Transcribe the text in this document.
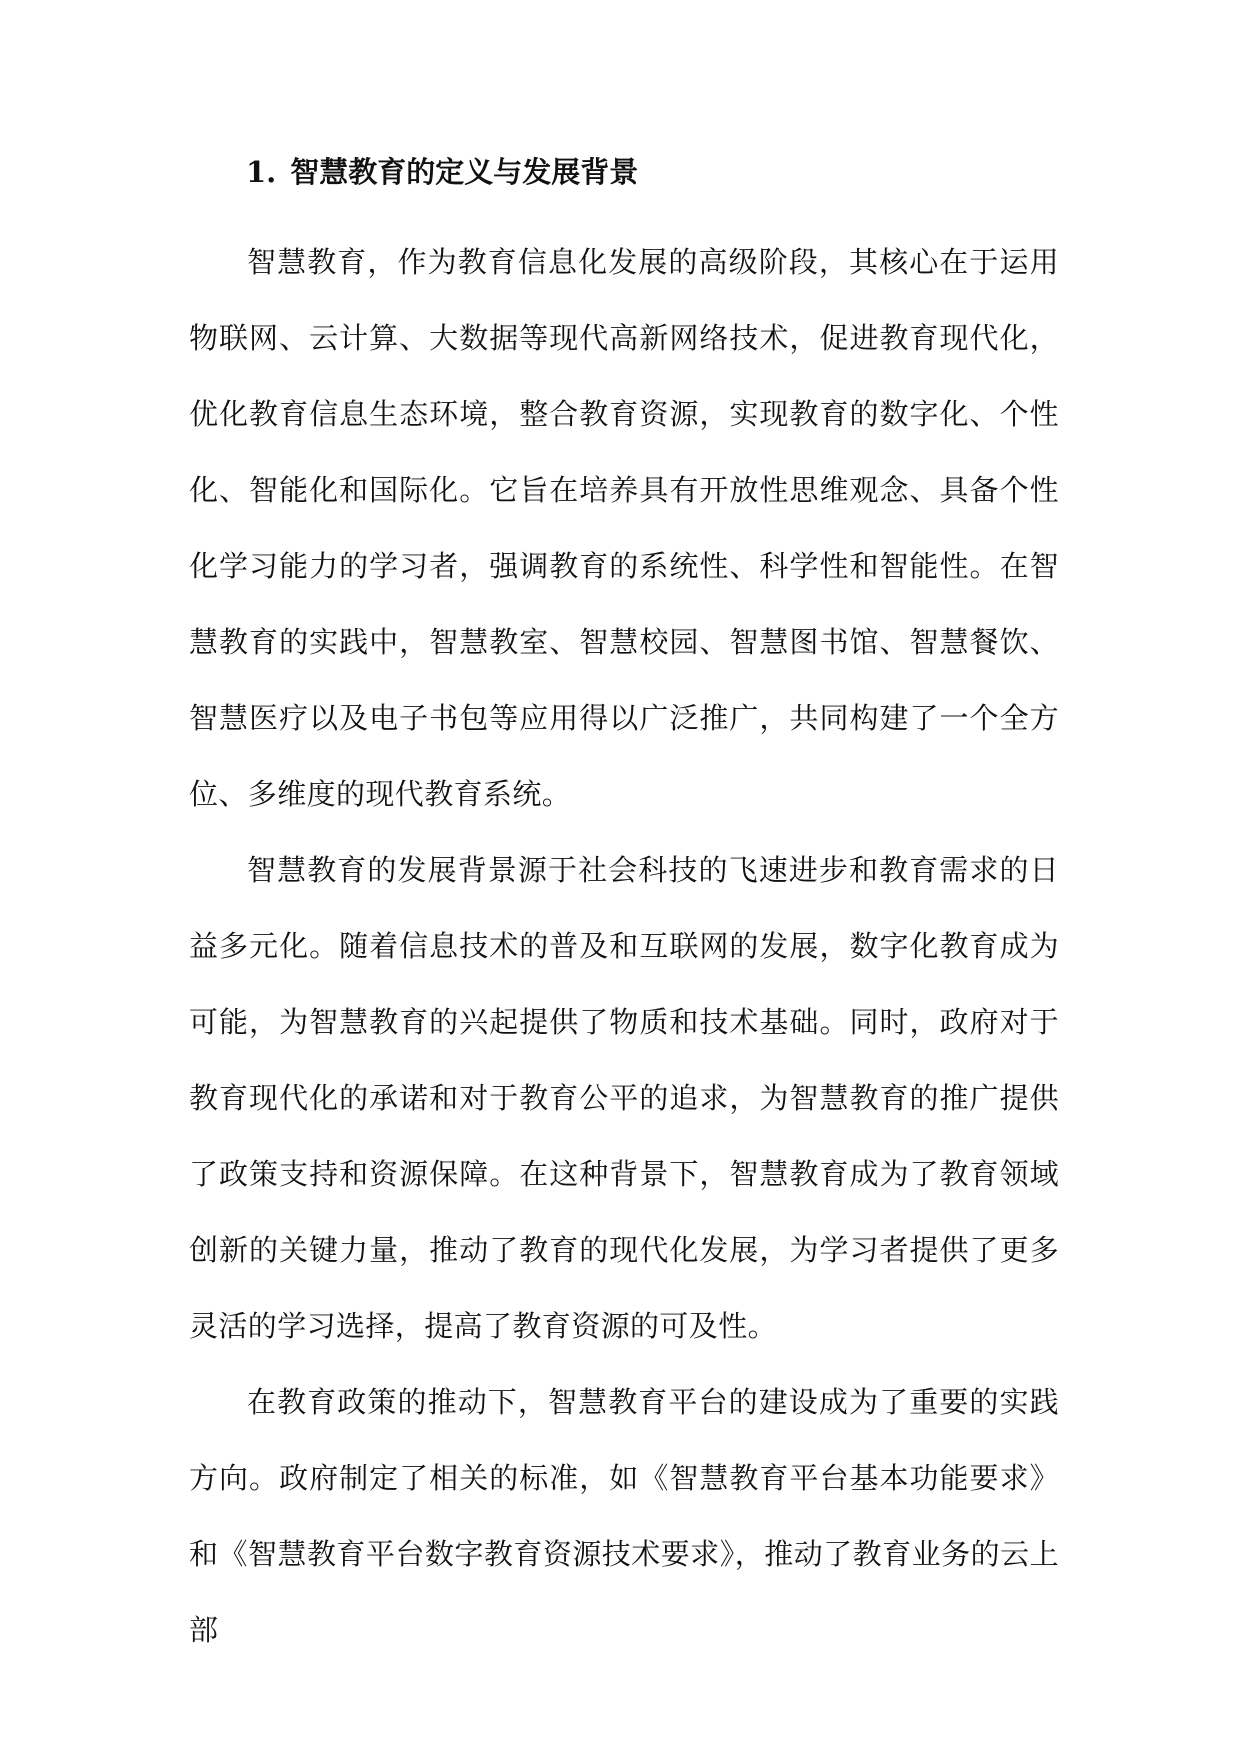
1. 智慧教育的定义与发展背景

智慧教育，作为教育信息化发展的高级阶段，其核心在于运用物联网、云计算、大数据等现代高新网络技术，促进教育现代化，优化教育信息生态环境，整合教育资源，实现教育的数字化、个性化、智能化和国际化。它旨在培养具有开放性思维观念、具备个性化学习能力的学习者，强调教育的系统性、科学性和智能性。在智慧教育的实践中，智慧教室、智慧校园、智慧图书馆、智慧餐饮、智慧医疗以及电子书包等应用得以广泛推广，共同构建了一个全方位、多维度的现代教育系统。

智慧教育的发展背景源于社会科技的飞速进步和教育需求的日益多元化。随着信息技术的普及和互联网的发展，数字化教育成为可能，为智慧教育的兴起提供了物质和技术基础。同时，政府对于教育现代化的承诺和对于教育公平的追求，为智慧教育的推广提供了政策支持和资源保障。在这种背景下，智慧教育成为了教育领域创新的关键力量，推动了教育的现代化发展，为学习者提供了更多灵活的学习选择，提高了教育资源的可及性。

在教育政策的推动下，智慧教育平台的建设成为了重要的实践方向。政府制定了相关的标准，如《智慧教育平台基本功能要求》和《智慧教育平台数字教育资源技术要求》，推动了教育业务的云上部
